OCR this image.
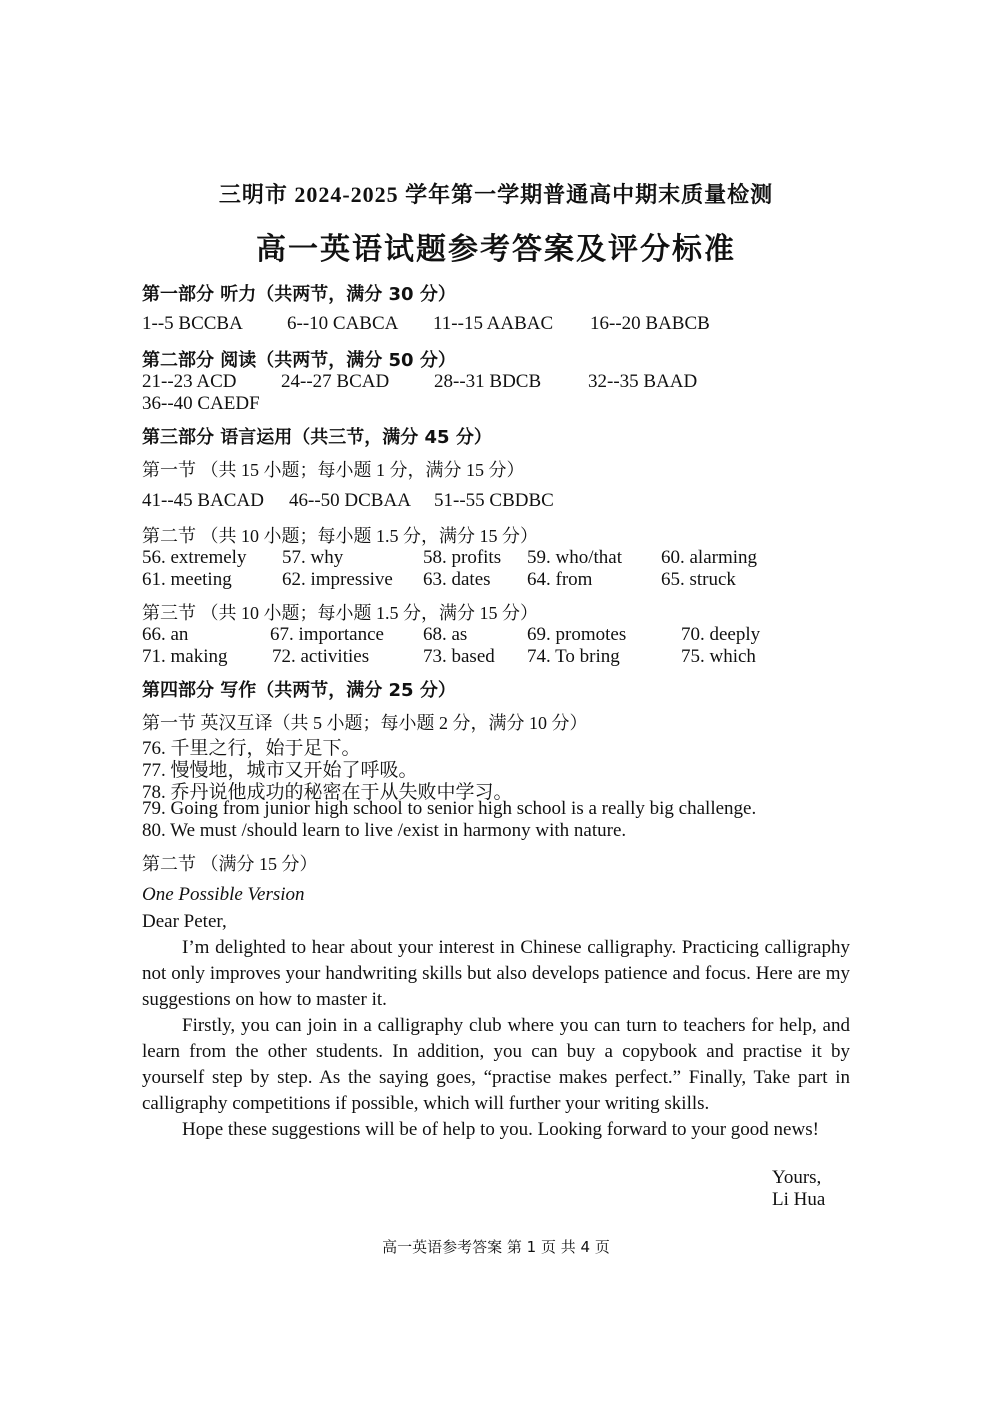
三明市 2024-2025 学年第一学期普通高中期末质量检测
高一英语试题参考答案及评分标准
第一部分 听力（共两节，满分 30 分）
1--5 BCCBA 6--10 CABCA 11--15 AABAC 16--20 BABCB
第二部分 阅读（共两节，满分 50 分）
21--23 ACD 24--27 BCAD 28--31 BDCB 32--35 BAAD
36--40 CAEDF
第三部分 语言运用（共三节，满分 45 分）
第一节 （共 15 小题；每小题 1 分，满分 15 分）
41--45 BACAD 46--50 DCBAA 51--55 CBDBC
第二节 （共 10 小题；每小题 1.5 分，满分 15 分）
56. extremely 57. why	58. profits 59. who/that 60. alarming
61. meeting	62. impressive 63. dates 64. from	65. struck
第三节 （共 10 小题；每小题 1.5 分，满分 15 分）
66. an	67. importance 68. as	69. promotes	70. deeply
71. making 72. activities	73. based 74. To bring	75. which
第四部分 写作（共两节，满分 25 分）
第一节 英汉互译（共 5 小题；每小题 2 分，满分 10 分）
76. 千里之行，始于足下。
77. 慢慢地，城市又开始了呼吸。
78. 乔丹说他成功的秘密在于从失败中学习。
79. Going from junior high school to senior high school is a really big challenge.
80. We must /should learn to live /exist in harmony with nature.
第二节 （满分 15 分）
One Possible Version
Dear Peter,
I’m delighted to hear about your interest in Chinese calligraphy. Practicing calligraphy not only improves your handwriting skills but also develops patience and focus. Here are my suggestions on how to master it.
Firstly, you can join in a calligraphy club where you can turn to teachers for help, and learn from the other students. In addition, you can buy a copybook and practise it by yourself step by step. As the saying goes, “practise makes perfect.” Finally, Take part in calligraphy competitions if possible, which will further your writing skills.
Hope these suggestions will be of help to you. Looking forward to your good news!
Yours,
Li Hua
高一英语参考答案 第 1 页 共 4 页
